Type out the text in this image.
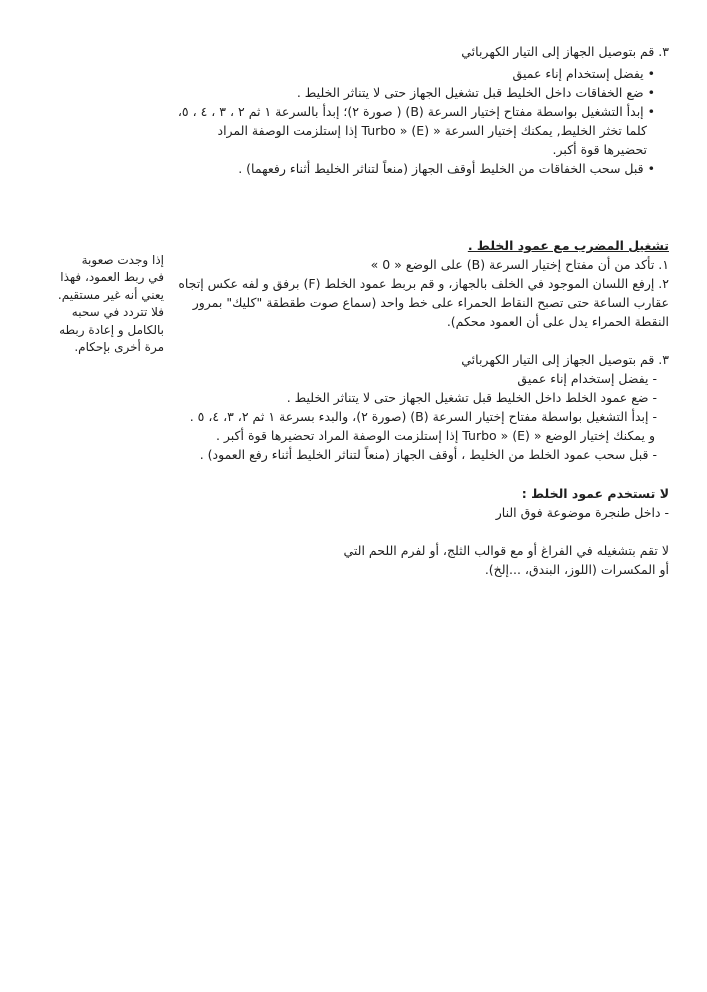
٣. قم بتوصيل الجهاز إلى التيار الكهربائي
• يفضل إستخدام إناء عميق
• ضع الخفاقات داخل الخليط قبل تشغيل الجهاز حتى لا يتناثر الخليط .
• إبدأ التشغيل بواسطة مفتاح إختيار السرعة (B) ( صورة ٢)؛ إبدأ بالسرعة ١ ثم ٢ ، ٣ ، ٤ ، ٥،
كلما تخثر الخليط, يمكنك إختيار السرعة « Turbo » (E) إذا إستلزمت الوصفة المراد
تحضيرها قوة أكبر.
• قبل سحب الخفاقات من الخليط أوقف الجهاز (منعاً لتناثر الخليط أثناء رفعهما) .
تشغيل المضرب مع عمود الخلط .
١. تأكد من أن مفتاح إختيار السرعة (B) على الوضع « 0 »
٢. إرفع اللسان الموجود في الخلف بالجهاز، و قم بربط عمود الخلط (F) برفق و لفه عكس إتجاه
عقارب الساعة حتى تصبح النقاط الحمراء على خط واحد (سماع صوت طقطقة "كليك" بمرور
النقطة الحمراء يدل على أن العمود محكم).
٣. قم بتوصيل الجهاز إلى التيار الكهربائي
- يفضل إستخدام إناء عميق
- ضع عمود الخلط داخل الخليط قبل تشغيل الجهاز حتى لا يتناثر الخليط .
- إبدأ التشغيل بواسطة مفتاح إختيار السرعة (B) (صورة ٢)، والبدء بسرعة ١ ثم ٢، ٣، ٤، ٥ .
و يمكنك إختيار الوضع « Turbo » (E) إذا إستلزمت الوصفة المراد تحضيرها قوة أكبر .
- قبل سحب عمود الخلط من الخليط ، أوقف الجهاز (منعاً لتناثر الخليط أثناء رفع العمود) .
إذا وجدت صعوبة
في ربط العمود، فهذا
يعني أنه غير مستقيم.
فلا تتردد في سحبه
بالكامل و إعادة ربطه
مرة أخرى بإحكام.
لا تستخدم عمود الخلط :
- داخل طنجرة موضوعة فوق النار
لا تقم بتشغيله في الفراغ أو مع قوالب الثلج، أو لفرم اللحم التي
أو المكسرات (اللوز، البندق، ...إلخ).
